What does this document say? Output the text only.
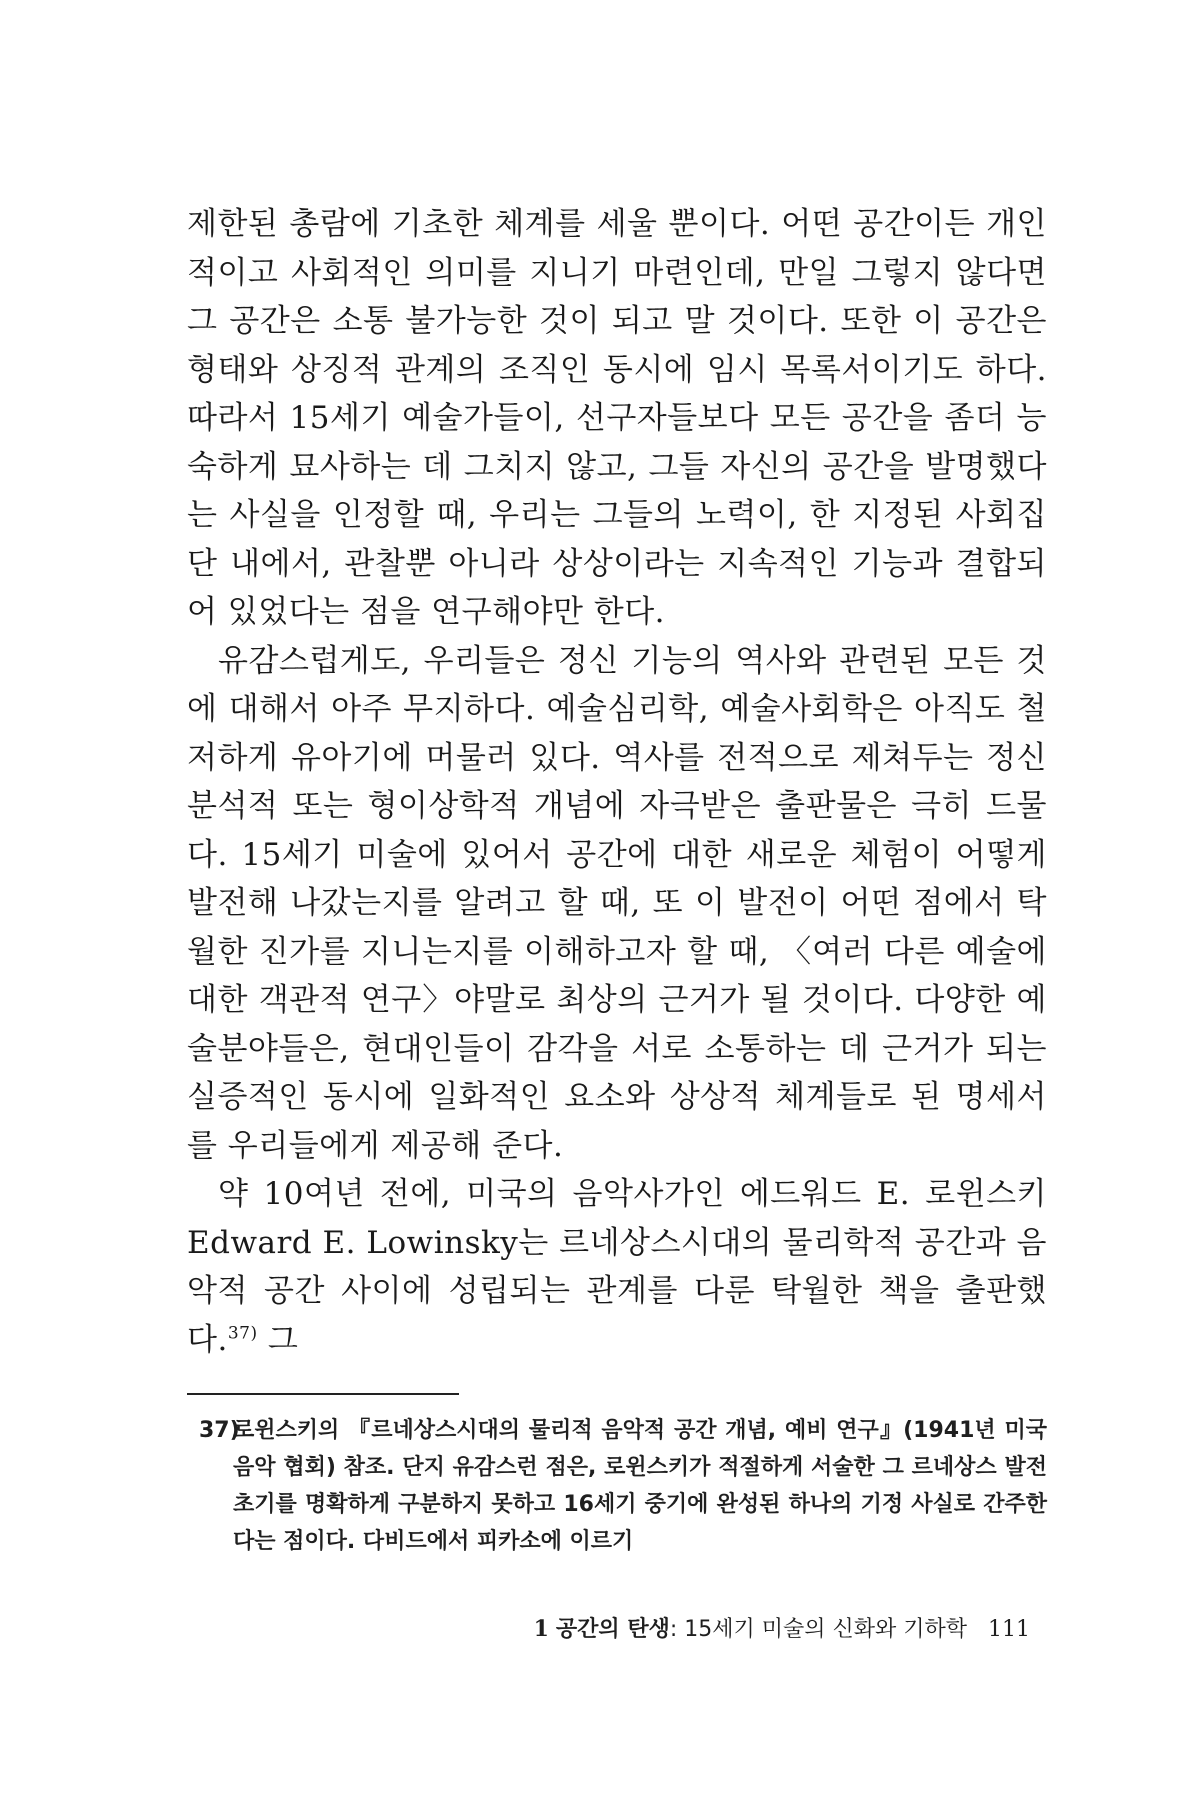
제한된 총람에 기초한 체계를 세울 뿐이다. 어떤 공간이든 개인적이고 사회적인 의미를 지니기 마련인데, 만일 그렇지 않다면 그 공간은 소통 불가능한 것이 되고 말 것이다. 또한 이 공간은 형태와 상징적 관계의 조직인 동시에 임시 목록서이기도 하다. 따라서 15세기 예술가들이, 선구자들보다 모든 공간을 좀더 능숙하게 묘사하는 데 그치지 않고, 그들 자신의 공간을 발명했다는 사실을 인정할 때, 우리는 그들의 노력이, 한 지정된 사회집단 내에서, 관찰뿐 아니라 상상이라는 지속적인 기능과 결합되어 있었다는 점을 연구해야만 한다.

유감스럽게도, 우리들은 정신 기능의 역사와 관련된 모든 것에 대해서 아주 무지하다. 예술심리학, 예술사회학은 아직도 철저하게 유아기에 머물러 있다. 역사를 전적으로 제쳐두는 정신분석적 또는 형이상학적 개념에 자극받은 출판물은 극히 드물다. 15세기 미술에 있어서 공간에 대한 새로운 체험이 어떻게 발전해 나갔는지를 알려고 할 때, 또 이 발전이 어떤 점에서 탁월한 진가를 지니는지를 이해하고자 할 때, 〈여러 다른 예술에 대한 객관적 연구〉야말로 최상의 근거가 될 것이다. 다양한 예술분야들은, 현대인들이 감각을 서로 소통하는 데 근거가 되는 실증적인 동시에 일화적인 요소와 상상적 체계들로 된 명세서를 우리들에게 제공해 준다.

약 10여년 전에, 미국의 음악사가인 에드워드 E. 로윈스키 Edward E. Lowinsky는 르네상스시대의 물리학적 공간과 음악적 공간 사이에 성립되는 관계를 다룬 탁월한 책을 출판했다.$^{37)}$ 그

37)
로윈스키의 『르네상스시대의 물리적 음악적 공간 개념, 예비 연구』(1941년 미국음악 협회) 참조. 단지 유감스런 점은, 로윈스키가 적절하게 서술한 그 르네상스 발전 초기를 명확하게 구분하지 못하고 16세기 중기에 완성된 하나의 기정 사실로 간주한다는 점이다. 다비드에서 피카소에 이르기
1 공간의 탄생: 15세기 미술의 신화와 기하학 111
